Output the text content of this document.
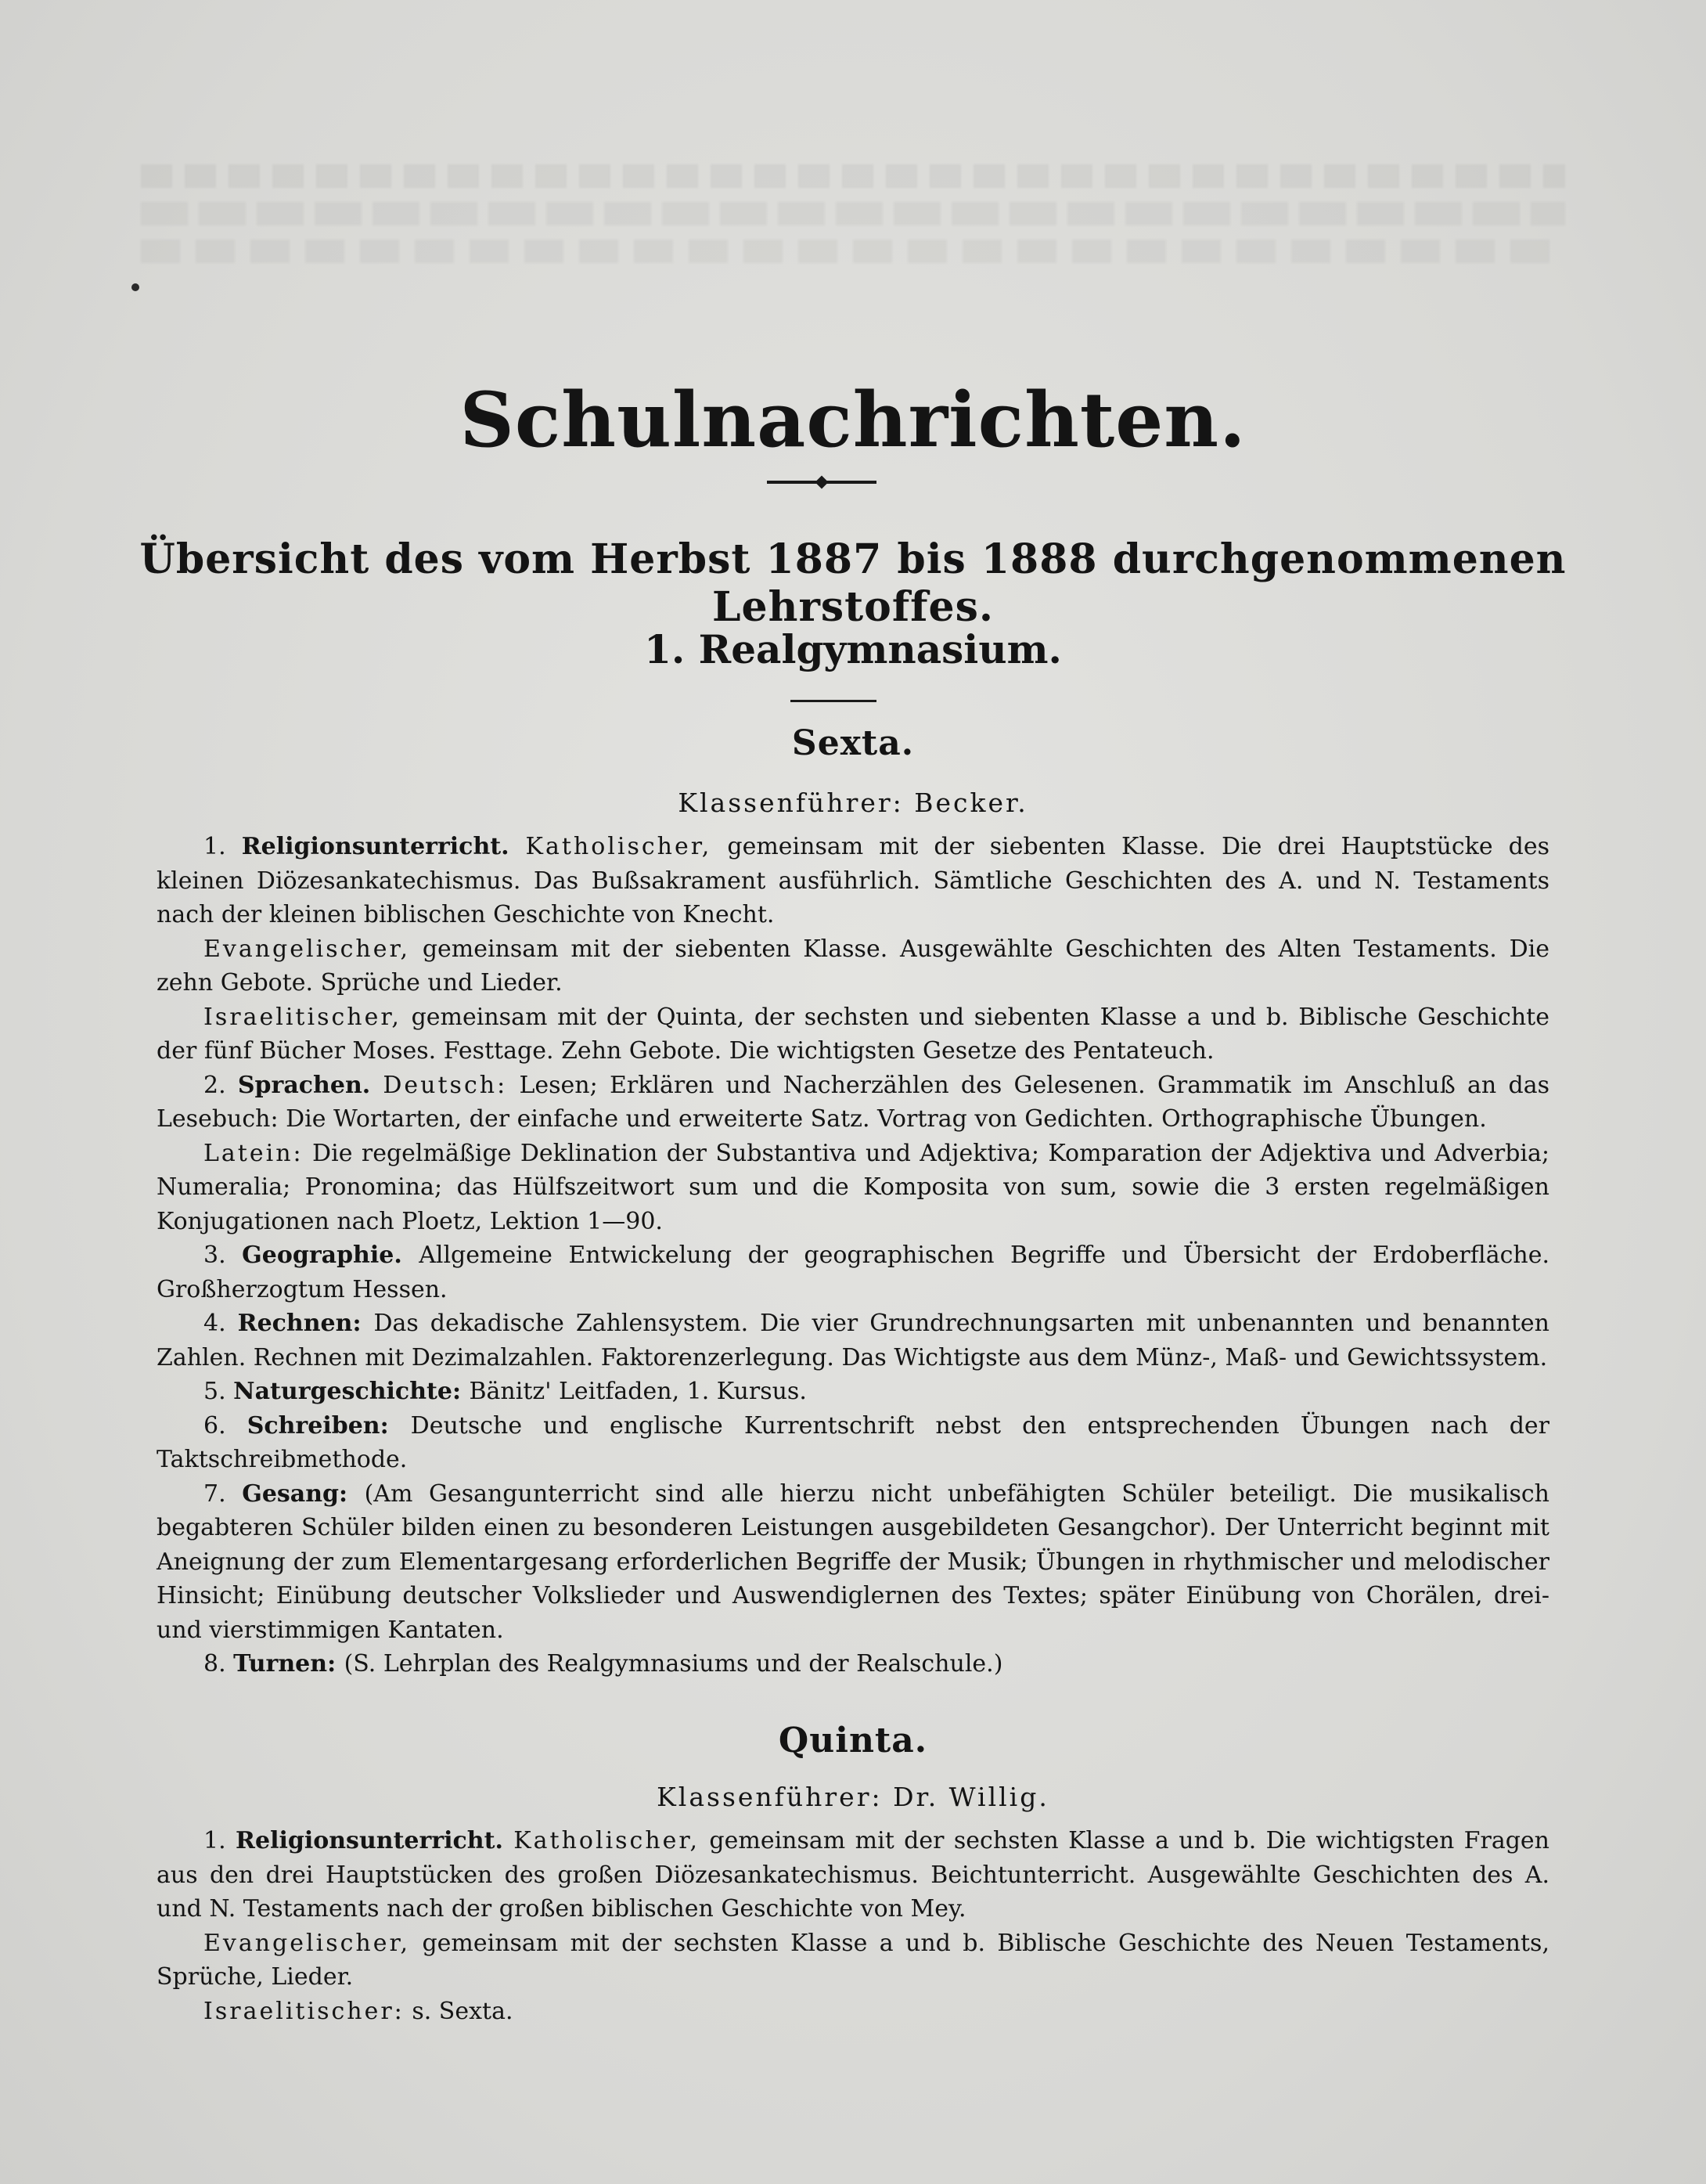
Schulnachrichten.
Übersicht des vom Herbst 1887 bis 1888 durchgenommenen Lehrstoffes.
1. Realgymnasium.
Sexta.
Klassenführer: Becker.

1. Religionsunterricht. Katholischer, gemeinsam mit der siebenten Klasse. Die drei Hauptstücke des kleinen Diözesankatechismus. Das Bußsakrament ausführlich. Sämtliche Geschichten des A. und N. Testaments nach der kleinen biblischen Geschichte von Knecht.

Evangelischer, gemeinsam mit der siebenten Klasse. Ausgewählte Geschichten des Alten Testaments. Die zehn Gebote. Sprüche und Lieder.

Israelitischer, gemeinsam mit der Quinta, der sechsten und siebenten Klasse a und b. Biblische Geschichte der fünf Bücher Moses. Festtage. Zehn Gebote. Die wichtigsten Gesetze des Pentateuch.

2. Sprachen. Deutsch: Lesen; Erklären und Nacherzählen des Gelesenen. Grammatik im Anschluß an das Lesebuch: Die Wortarten, der einfache und erweiterte Satz. Vortrag von Gedichten. Orthographische Übungen.

Latein: Die regelmäßige Deklination der Substantiva und Adjektiva; Komparation der Adjektiva und Adverbia; Numeralia; Pronomina; das Hülfszeitwort sum und die Komposita von sum, sowie die 3 ersten regelmäßigen Konjugationen nach Ploetz, Lektion 1—90.

3. Geographie. Allgemeine Entwickelung der geographischen Begriffe und Übersicht der Erdoberfläche. Großherzogtum Hessen.

4. Rechnen: Das dekadische Zahlensystem. Die vier Grundrechnungsarten mit unbenannten und benannten Zahlen. Rechnen mit Dezimalzahlen. Faktorenzerlegung. Das Wichtigste aus dem Münz-, Maß- und Gewichtssystem.

5. Naturgeschichte: Bänitz' Leitfaden, 1. Kursus.

6. Schreiben: Deutsche und englische Kurrentschrift nebst den entsprechenden Übungen nach der Taktschreibmethode.

7. Gesang: (Am Gesangunterricht sind alle hierzu nicht unbefähigten Schüler beteiligt. Die musikalisch begabteren Schüler bilden einen zu besonderen Leistungen ausgebildeten Gesangchor). Der Unterricht beginnt mit Aneignung der zum Elementargesang erforderlichen Begriffe der Musik; Übungen in rhythmischer und melodischer Hinsicht; Einübung deutscher Volkslieder und Auswendiglernen des Textes; später Einübung von Chorälen, drei- und vierstimmigen Kantaten.

8. Turnen: (S. Lehrplan des Realgymnasiums und der Realschule.)

Quinta.
Klassenführer: Dr. Willig.

1. Religionsunterricht. Katholischer, gemeinsam mit der sechsten Klasse a und b. Die wichtigsten Fragen aus den drei Hauptstücken des großen Diözesankatechismus. Beichtunterricht. Ausgewählte Geschichten des A. und N. Testaments nach der großen biblischen Geschichte von Mey.

Evangelischer, gemeinsam mit der sechsten Klasse a und b. Biblische Geschichte des Neuen Testaments, Sprüche, Lieder.

Israelitischer: s. Sexta.
